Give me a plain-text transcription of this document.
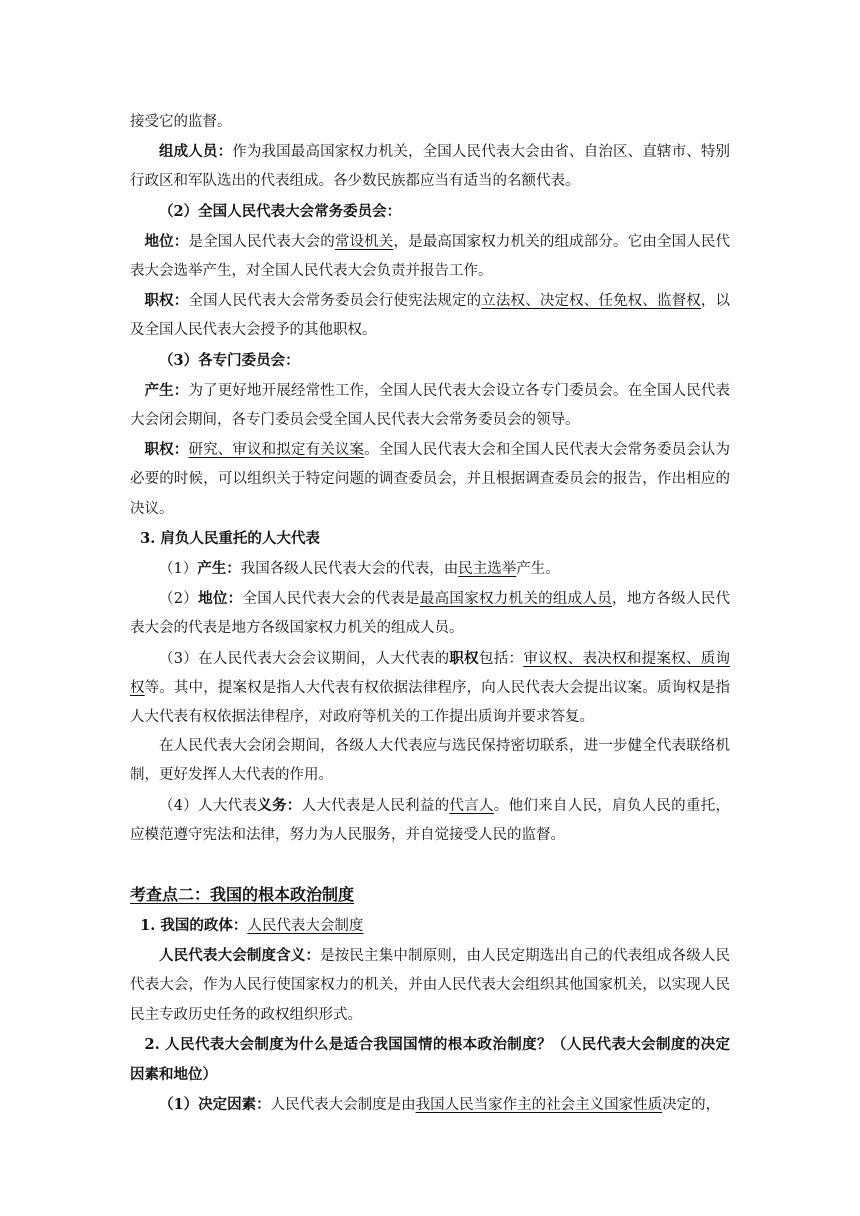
接受它的监督。

组成人员：作为我国最高国家权力机关，全国人民代表大会由省、自治区、直辖市、特别行政区和军队选出的代表组成。各少数民族都应当有适当的名额代表。

（2）全国人民代表大会常务委员会：

地位：是全国人民代表大会的常设机关，是最高国家权力机关的组成部分。它由全国人民代表大会选举产生，对全国人民代表大会负责并报告工作。

职权：全国人民代表大会常务委员会行使宪法规定的立法权、决定权、任免权、监督权，以及全国人民代表大会授予的其他职权。

（3）各专门委员会：

产生：为了更好地开展经常性工作，全国人民代表大会设立各专门委员会。在全国人民代表大会闭会期间，各专门委员会受全国人民代表大会常务委员会的领导。

职权：研究、审议和拟定有关议案。全国人民代表大会和全国人民代表大会常务委员会认为必要的时候，可以组织关于特定问题的调查委员会，并且根据调查委员会的报告，作出相应的决议。

3. 肩负人民重托的人大代表

（1）产生：我国各级人民代表大会的代表，由民主选举产生。

（2）地位：全国人民代表大会的代表是最高国家权力机关的组成人员，地方各级人民代表大会的代表是地方各级国家权力机关的组成人员。

（3）在人民代表大会会议期间，人大代表的职权包括：审议权、表决权和提案权、质询权等。其中，提案权是指人大代表有权依据法律程序，向人民代表大会提出议案。质询权是指人大代表有权依据法律程序，对政府等机关的工作提出质询并要求答复。

在人民代表大会闭会期间，各级人大代表应与选民保持密切联系，进一步健全代表联络机制，更好发挥人大代表的作用。

（4）人大代表义务：人大代表是人民利益的代言人。他们来自人民，肩负人民的重托，应模范遵守宪法和法律，努力为人民服务，并自觉接受人民的监督。

考查点二：我国的根本政治制度

1. 我国的政体：人民代表大会制度

人民代表大会制度含义：是按民主集中制原则，由人民定期选出自己的代表组成各级人民代表大会，作为人民行使国家权力的机关，并由人民代表大会组织其他国家机关，以实现人民民主专政历史任务的政权组织形式。

2. 人民代表大会制度为什么是适合我国国情的根本政治制度？（人民代表大会制度的决定因素和地位）

（1）决定因素：人民代表大会制度是由我国人民当家作主的社会主义国家性质决定的，
